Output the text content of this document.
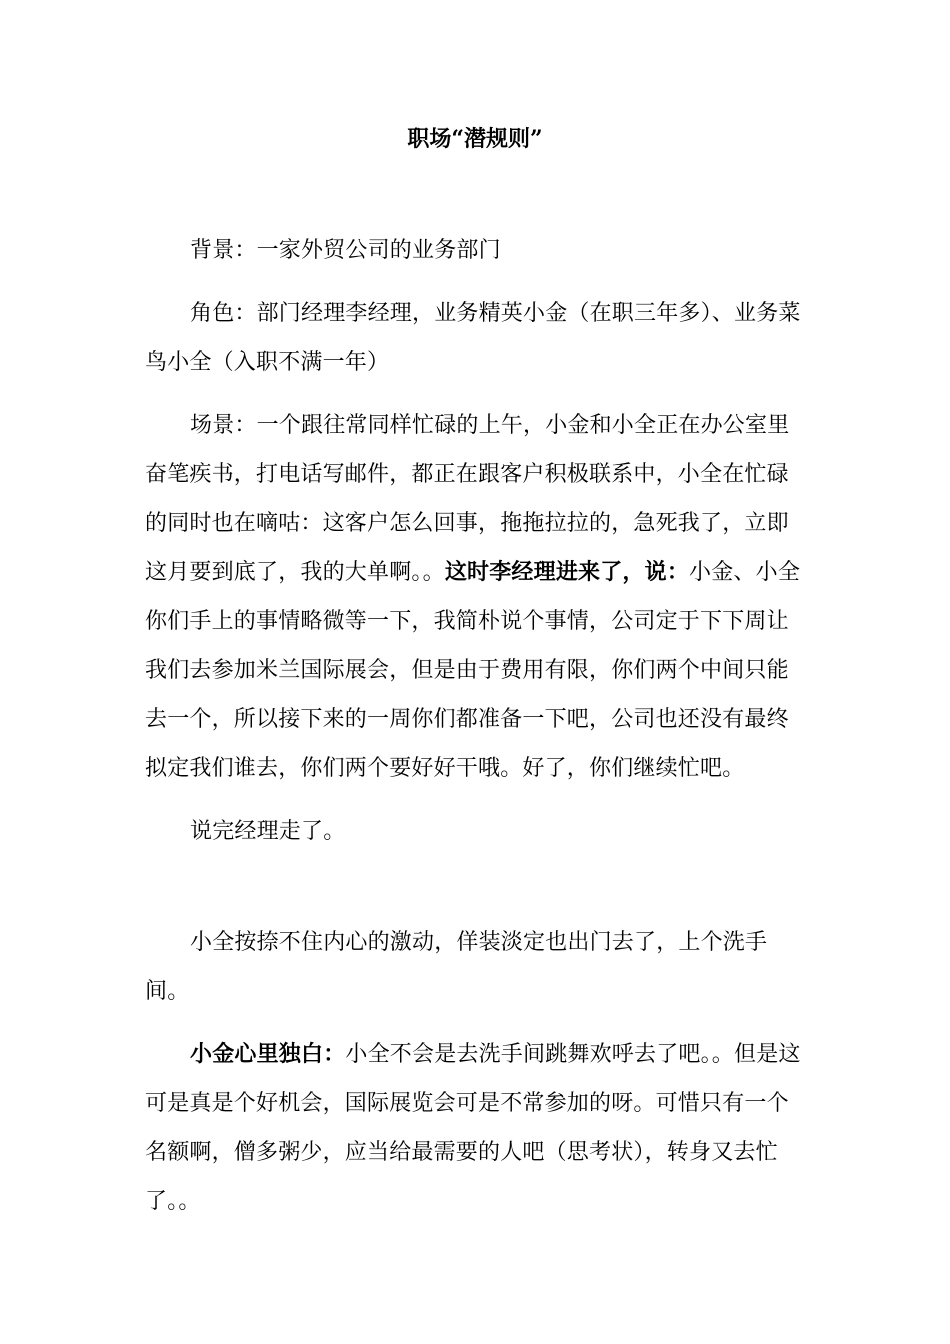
职场“潜规则”

背景：一家外贸公司的业务部门

角色：部门经理李经理，业务精英小金（在职三年多）、业务菜鸟小全（入职不满一年）

场景：一个跟往常同样忙碌的上午，小金和小全正在办公室里奋笔疾书，打电话写邮件，都正在跟客户积极联系中，小全在忙碌的同时也在嘀咕：这客户怎么回事，拖拖拉拉的，急死我了，立即这月要到底了，我的大单啊。。这时李经理进来了，说：小金、小全你们手上的事情略微等一下，我简朴说个事情，公司定于下下周让我们去参加米兰国际展会，但是由于费用有限，你们两个中间只能去一个，所以接下来的一周你们都准备一下吧，公司也还没有最终拟定我们谁去，你们两个要好好干哦。好了，你们继续忙吧。

说完经理走了。

小全按捺不住内心的激动，佯装淡定也出门去了，上个洗手间。

小金心里独白：小全不会是去洗手间跳舞欢呼去了吧。。但是这可是真是个好机会，国际展览会可是不常参加的呀。可惜只有一个名额啊，僧多粥少，应当给最需要的人吧（思考状），转身又去忙了。。
